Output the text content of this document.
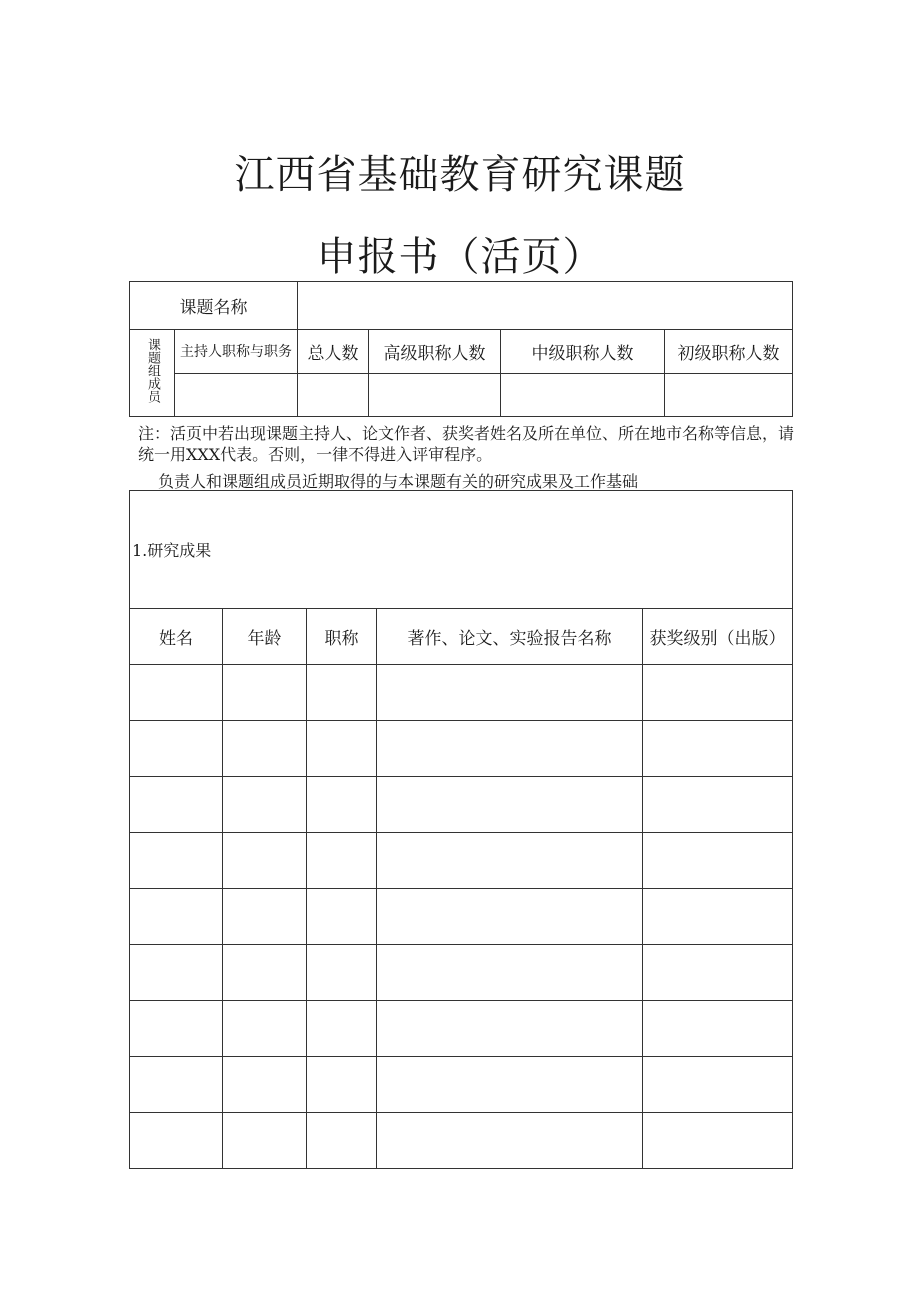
江西省基础教育研究课题
申报书（活页）
课题名称					
课题组成员	主持人职称与职务	总人数	高级职称人数	中级职称人数	初级职称人数

注：活页中若出现课题主持人、论文作者、获奖者姓名及所在单位、所在地市名称等信息，请统一用XXX代表。否则，一律不得进入评审程序。
负责人和课题组成员近期取得的与本课题有关的研究成果及工作基础
1.研究成果				
姓名	年龄	职称	著作、论文、实验报告名称	获奖级别（出版）
